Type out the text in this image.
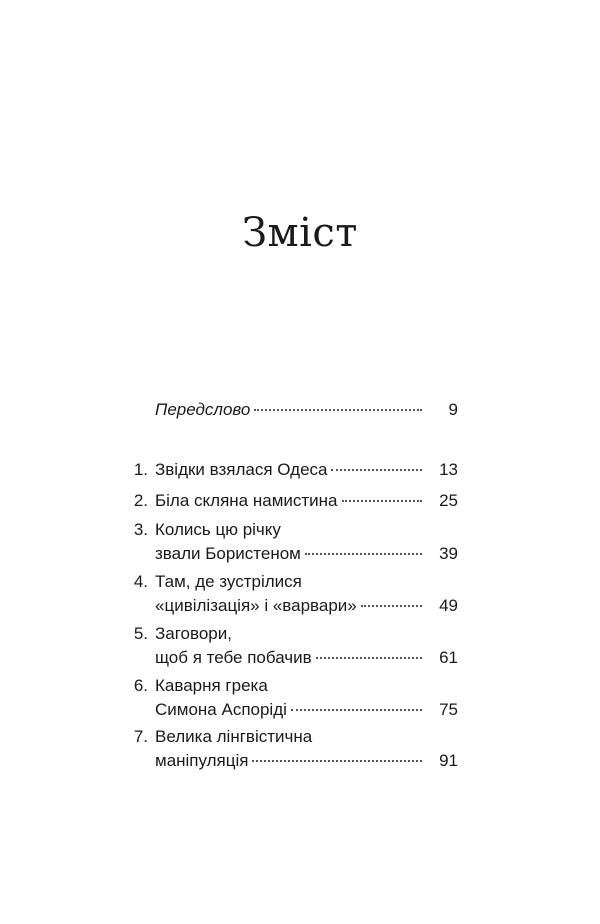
Зміст
Передслово	9
1. Звідки взялася Одеса	13
2. Біла скляна намистина	25
3. Колись цю річку
звали Бористеном	39
4. Там, де зустрілися
«цивілізація» і «варвари»	49
5. Заговори,
щоб я тебе побачив	61
6. Каварня грека
Симона Аспоріді	75
7. Велика лінгвістична
маніпуляція	91
